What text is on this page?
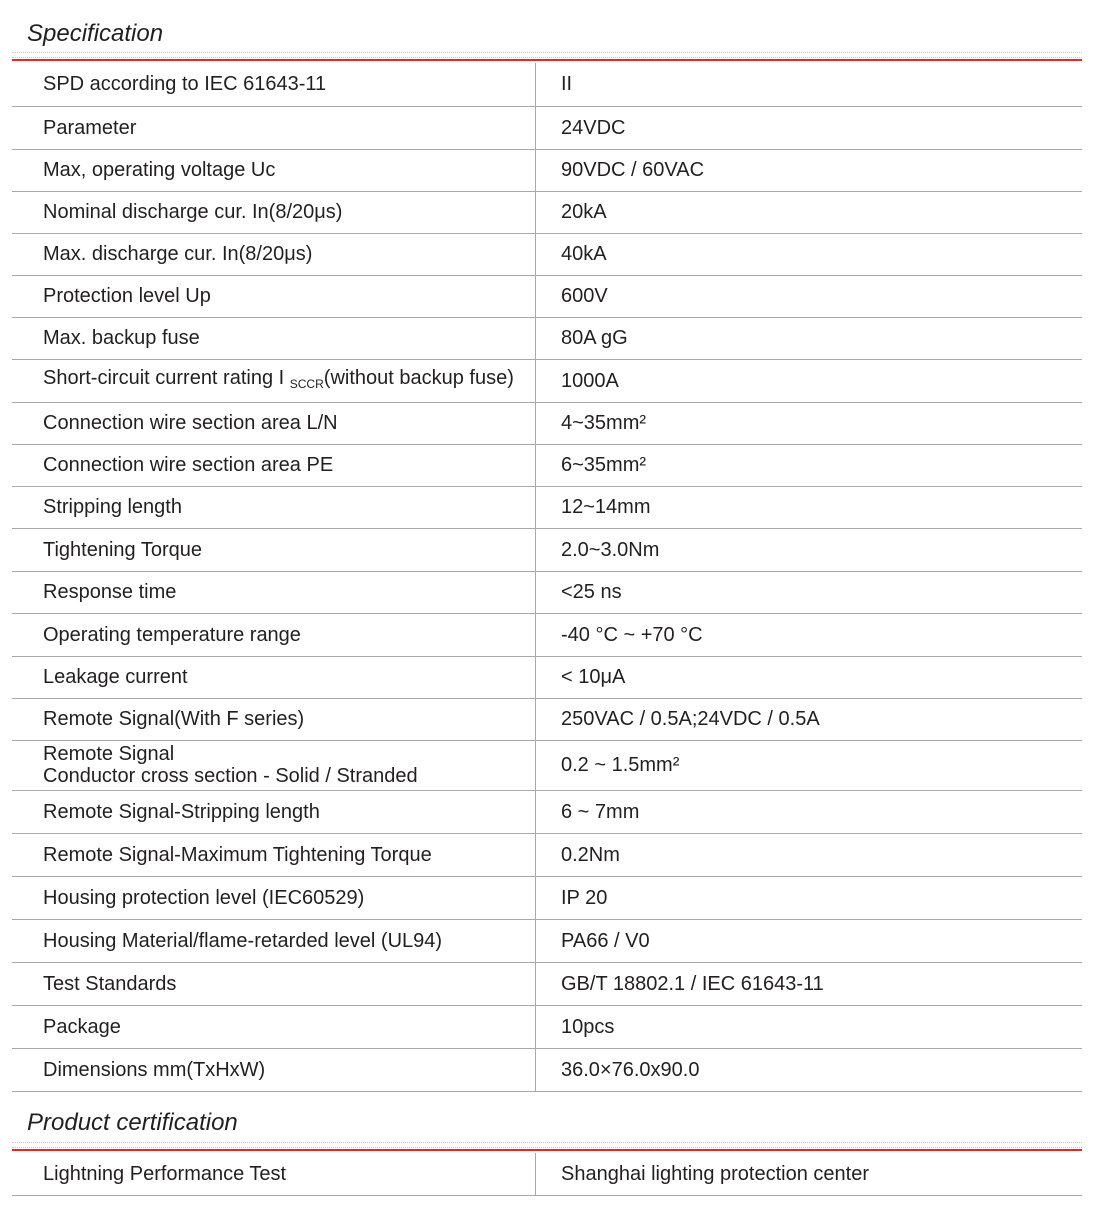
Specification
SPD according to IEC 61643-11	II
Parameter	24VDC
Max, operating voltage Uc	90VDC / 60VAC
Nominal discharge cur. In(8/20μs)	20kA
Max. discharge cur. In(8/20μs)	40kA
Protection level Up	600V
Max. backup fuse	80A gG
Short-circuit current rating I $_{SCCR}$(without backup fuse)	1000A
Connection wire section area L/N	4~35mm²
Connection wire section area PE	6~35mm²
Stripping length	12~14mm
Tightening Torque	2.0~3.0Nm
Response time	<25 ns
Operating temperature range	-40 °C ~ +70 °C
Leakage current	< 10μA
Remote Signal(With F series)	250VAC / 0.5A;24VDC / 0.5A
Remote Signal
Conductor cross section - Solid / Stranded	0.2 ~ 1.5mm²
Remote Signal-Stripping length	6 ~ 7mm
Remote Signal-Maximum Tightening Torque	0.2Nm
Housing protection level (IEC60529)	IP 20
Housing Material/flame-retarded level (UL94)	PA66 / V0
Test Standards	GB/T 18802.1 / IEC 61643-11
Package	10pcs
Dimensions mm(TxHxW)	36.0×76.0x90.0
Product certification
Lightning Performance Test	Shanghai lighting protection center
